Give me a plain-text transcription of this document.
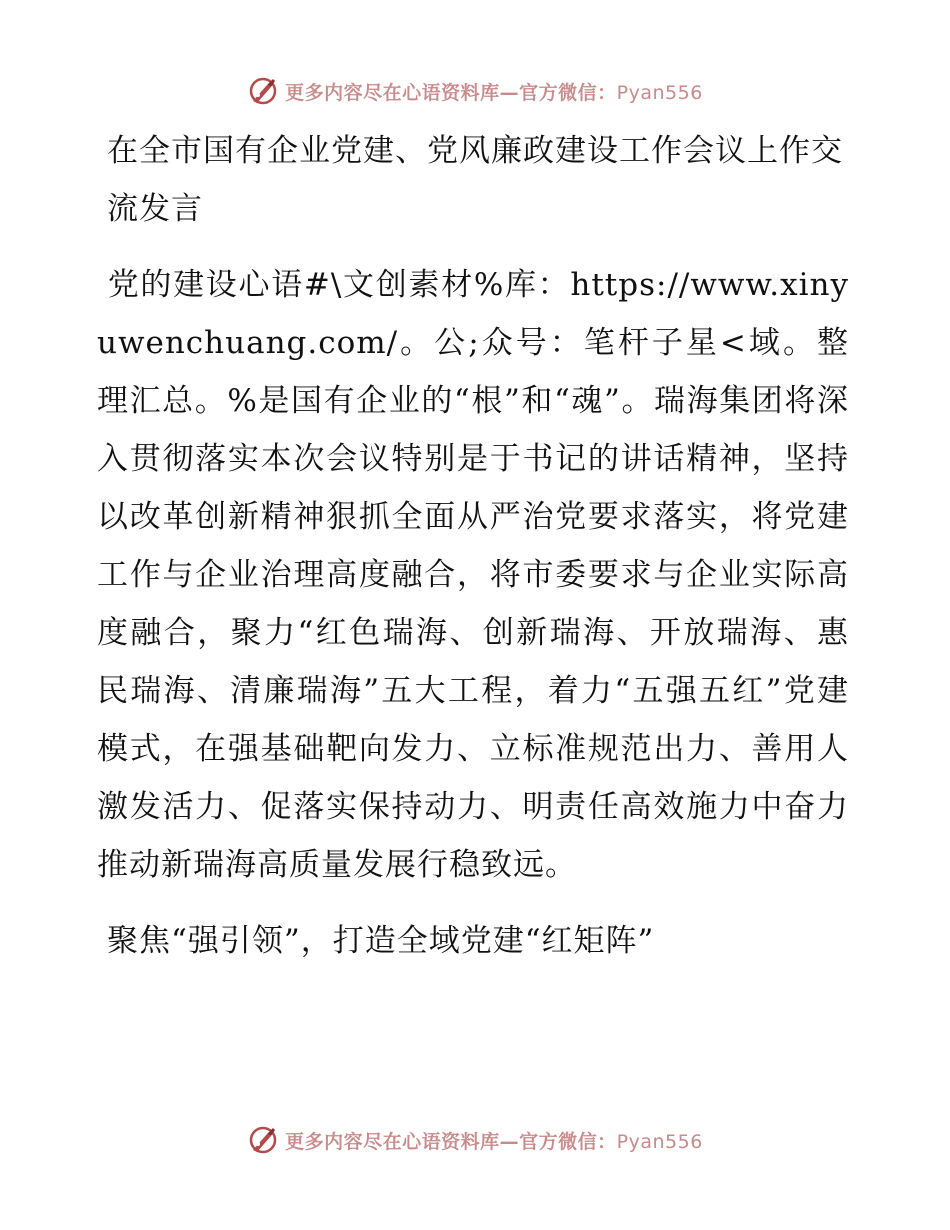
更多内容尽在心语资料库—官方微信：Pyan556
在全市国有企业党建、党风廉政建设工作会议上作交流发言

党的建设心语#\文创素材%库：https://www.xinyuwenchuang.com/。公;众号：笔杆子星<域。整理汇总。%是国有企业的“根”和“魂”。瑞海集团将深入贯彻落实本次会议特别是于书记的讲话精神，坚持以改革创新精神狠抓全面从严治党要求落实，将党建工作与企业治理高度融合，将市委要求与企业实际高度融合，聚力“红色瑞海、创新瑞海、开放瑞海、惠民瑞海、清廉瑞海”五大工程，着力“五强五红”党建模式，在强基础靶向发力、立标准规范出力、善用人激发活力、促落实保持动力、明责任高效施力中奋力推动新瑞海高质量发展行稳致远。

聚焦“强引领”，打造全域党建“红矩阵”
更多内容尽在心语资料库—官方微信：Pyan556
